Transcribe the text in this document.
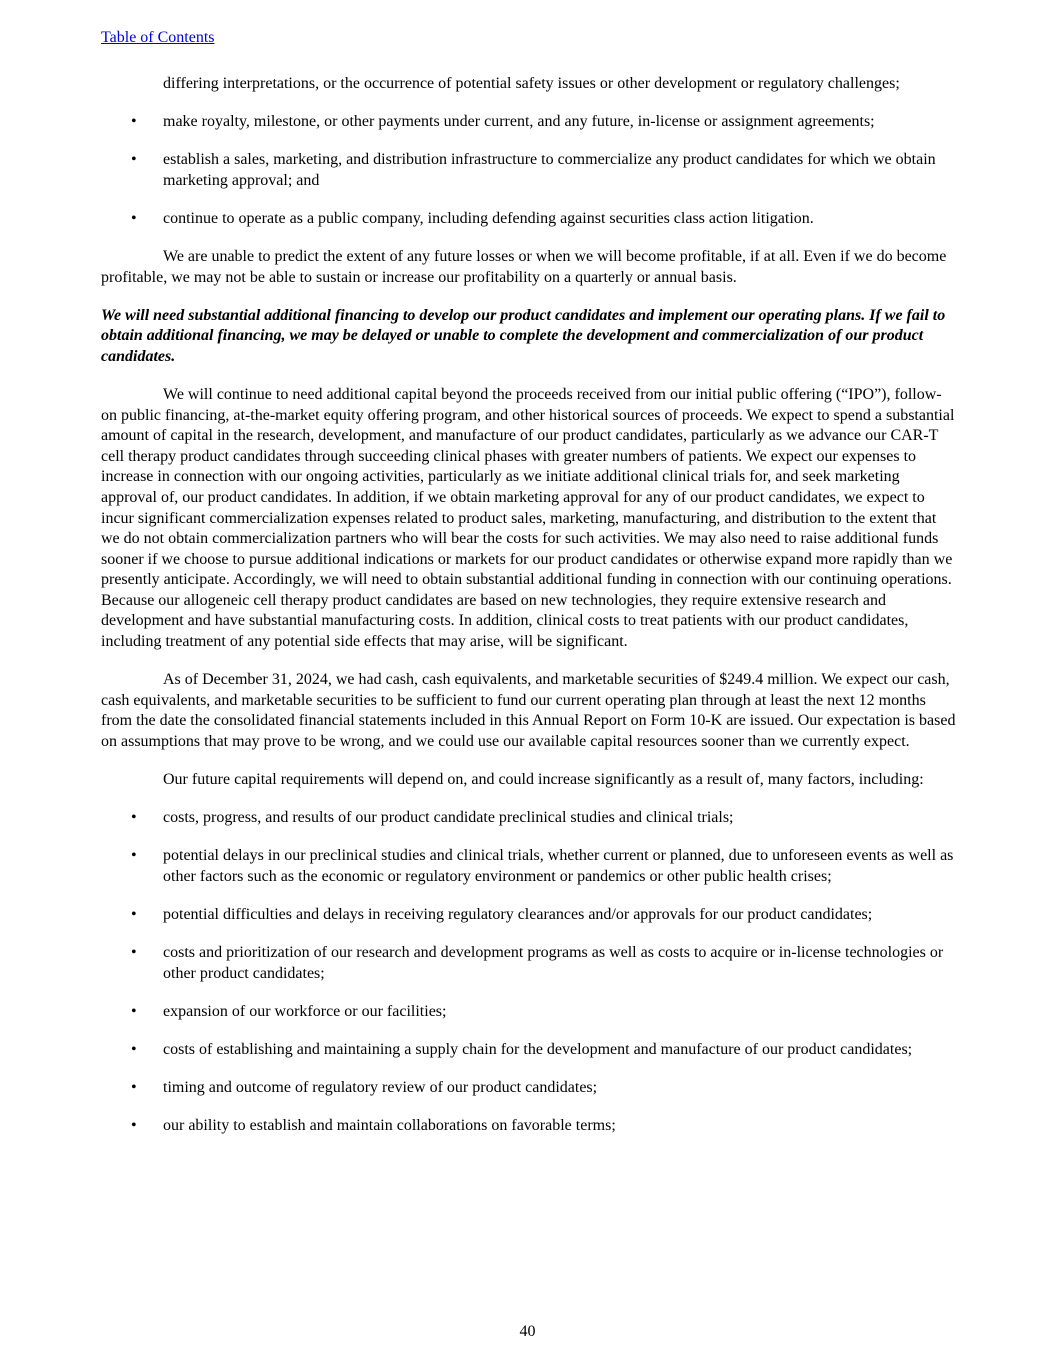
Table of Contents

differing interpretations, or the occurrence of potential safety issues or other development or regulatory challenges;

•	make royalty, milestone, or other payments under current, and any future, in-license or assignment agreements;
•	establish a sales, marketing, and distribution infrastructure to commercialize any product candidates for which we obtain marketing approval; and
•	continue to operate as a public company, including defending against securities class action litigation.

We are unable to predict the extent of any future losses or when we will become profitable, if at all. Even if we do become profitable, we may not be able to sustain or increase our profitability on a quarterly or annual basis.

We will need substantial additional financing to develop our product candidates and implement our operating plans. If we fail to obtain additional financing, we may be delayed or unable to complete the development and commercialization of our product candidates.

We will continue to need additional capital beyond the proceeds received from our initial public offering (“IPO”), follow-on public financing, at-the-market equity offering program, and other historical sources of proceeds. We expect to spend a substantial amount of capital in the research, development, and manufacture of our product candidates, particularly as we advance our CAR-T cell therapy product candidates through succeeding clinical phases with greater numbers of patients. We expect our expenses to increase in connection with our ongoing activities, particularly as we initiate additional clinical trials for, and seek marketing approval of, our product candidates. In addition, if we obtain marketing approval for any of our product candidates, we expect to incur significant commercialization expenses related to product sales, marketing, manufacturing, and distribution to the extent that we do not obtain commercialization partners who will bear the costs for such activities. We may also need to raise additional funds sooner if we choose to pursue additional indications or markets for our product candidates or otherwise expand more rapidly than we presently anticipate. Accordingly, we will need to obtain substantial additional funding in connection with our continuing operations. Because our allogeneic cell therapy product candidates are based on new technologies, they require extensive research and development and have substantial manufacturing costs. In addition, clinical costs to treat patients with our product candidates, including treatment of any potential side effects that may arise, will be significant.

As of December 31, 2024, we had cash, cash equivalents, and marketable securities of $249.4 million. We expect our cash, cash equivalents, and marketable securities to be sufficient to fund our current operating plan through at least the next 12 months from the date the consolidated financial statements included in this Annual Report on Form 10-K are issued. Our expectation is based on assumptions that may prove to be wrong, and we could use our available capital resources sooner than we currently expect.

Our future capital requirements will depend on, and could increase significantly as a result of, many factors, including:

•	costs, progress, and results of our product candidate preclinical studies and clinical trials;
•	potential delays in our preclinical studies and clinical trials, whether current or planned, due to unforeseen events as well as other factors such as the economic or regulatory environment or pandemics or other public health crises;
•	potential difficulties and delays in receiving regulatory clearances and/or approvals for our product candidates;
•	costs and prioritization of our research and development programs as well as costs to acquire or in-license technologies or other product candidates;
•	expansion of our workforce or our facilities;
•	costs of establishing and maintaining a supply chain for the development and manufacture of our product candidates;
•	timing and outcome of regulatory review of our product candidates;
•	our ability to establish and maintain collaborations on favorable terms;
40
